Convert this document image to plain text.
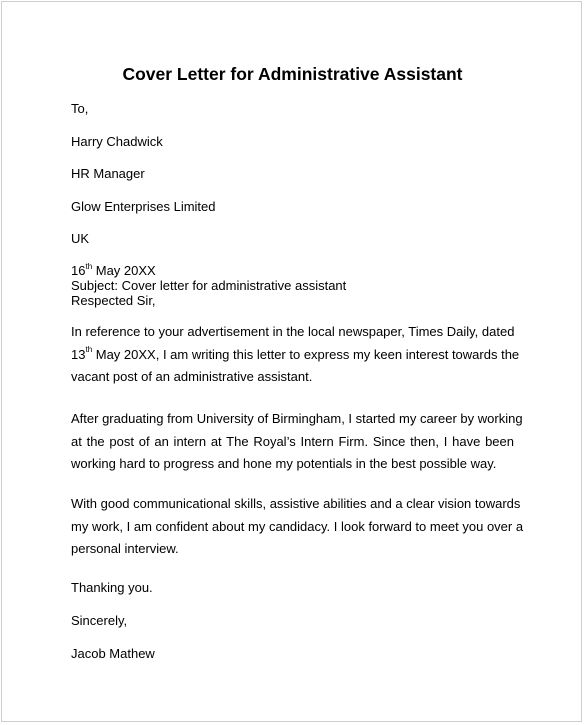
Cover Letter for Administrative Assistant
To,
Harry Chadwick
HR Manager
Glow Enterprises Limited
UK
16th May 20XX
Subject: Cover letter for administrative assistant
Respected Sir,
In reference to your advertisement in the local newspaper, Times Daily, dated
13th May 20XX, I am writing this letter to express my keen interest towards the
vacant post of an administrative assistant.
After graduating from University of Birmingham, I started my career by working
at the post of an intern at The Royal’s Intern Firm. Since then, I have been
working hard to progress and hone my potentials in the best possible way.
With good communicational skills, assistive abilities and a clear vision towards
my work, I am confident about my candidacy. I look forward to meet you over a
personal interview.
Thanking you.
Sincerely,
Jacob Mathew
